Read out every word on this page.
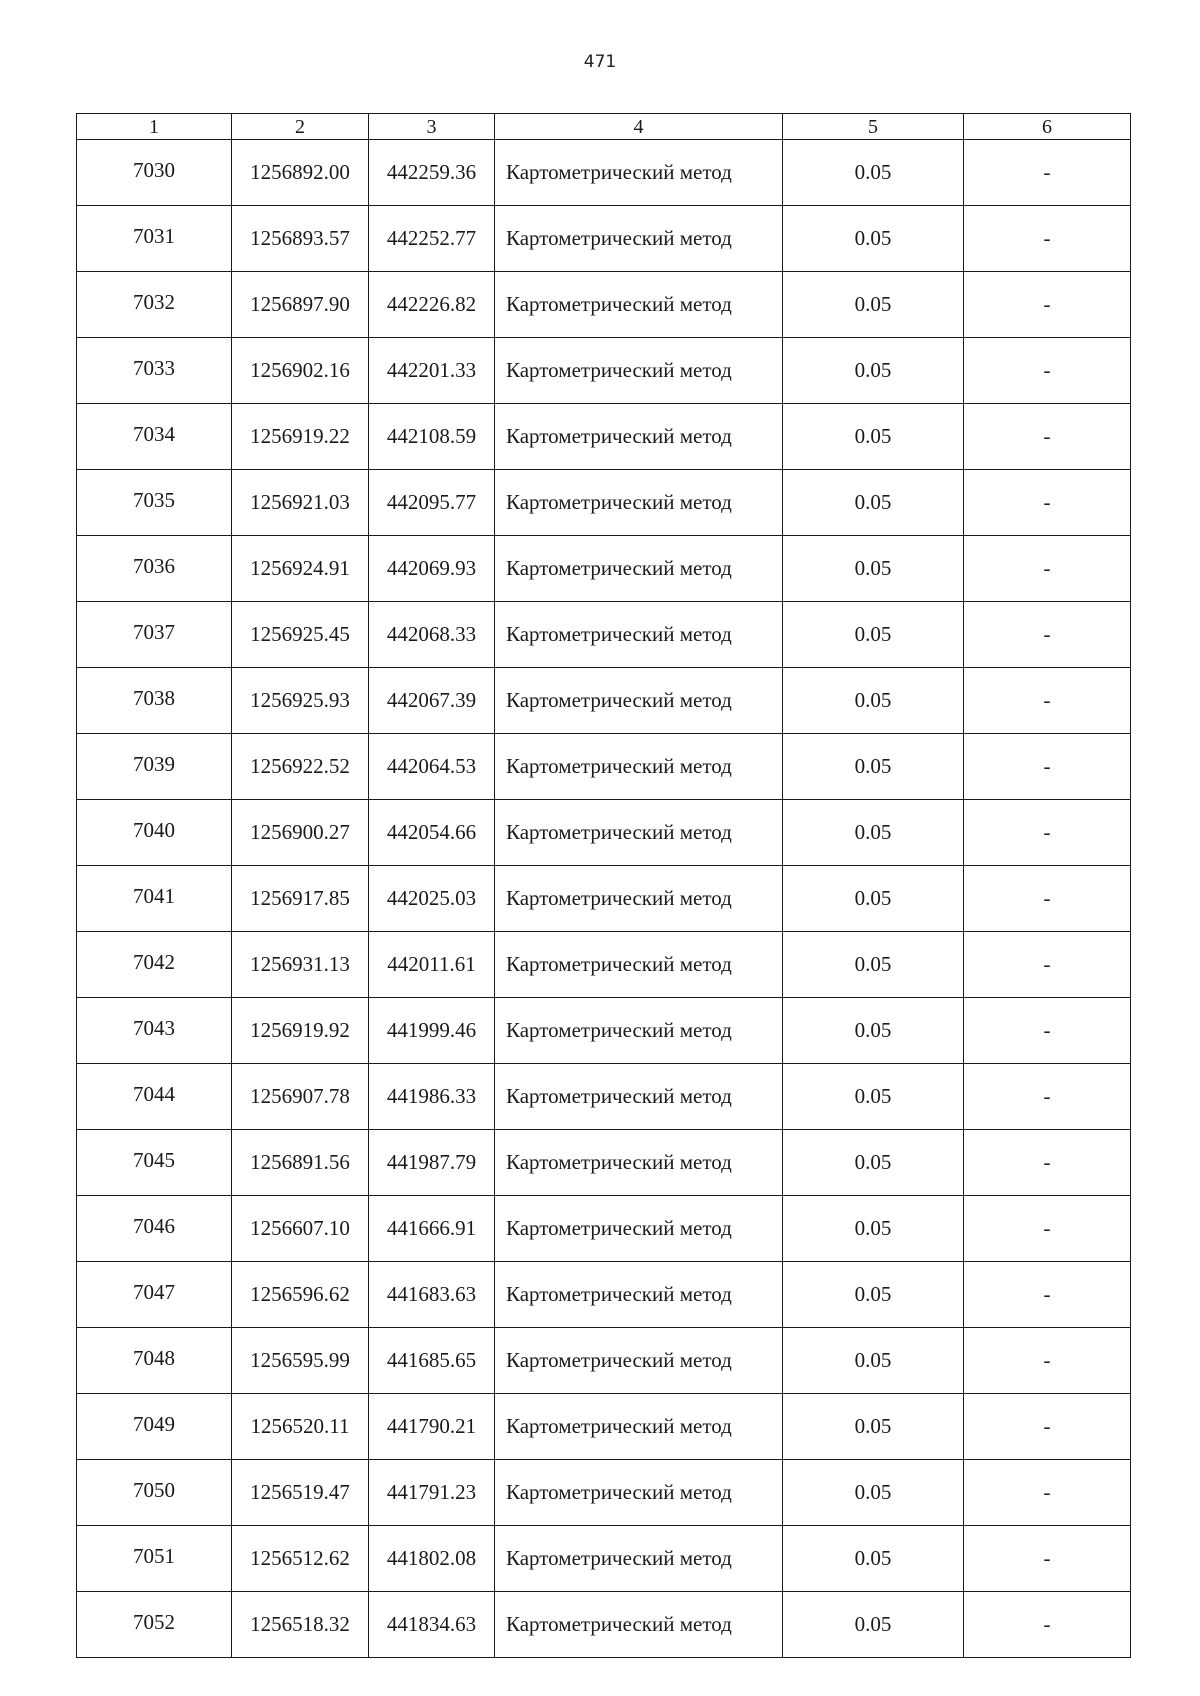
471
1	2	3	4	5	6
7030	1256892.00	442259.36	Картометрический метод	0.05	-
7031	1256893.57	442252.77	Картометрический метод	0.05	-
7032	1256897.90	442226.82	Картометрический метод	0.05	-
7033	1256902.16	442201.33	Картометрический метод	0.05	-
7034	1256919.22	442108.59	Картометрический метод	0.05	-
7035	1256921.03	442095.77	Картометрический метод	0.05	-
7036	1256924.91	442069.93	Картометрический метод	0.05	-
7037	1256925.45	442068.33	Картометрический метод	0.05	-
7038	1256925.93	442067.39	Картометрический метод	0.05	-
7039	1256922.52	442064.53	Картометрический метод	0.05	-
7040	1256900.27	442054.66	Картометрический метод	0.05	-
7041	1256917.85	442025.03	Картометрический метод	0.05	-
7042	1256931.13	442011.61	Картометрический метод	0.05	-
7043	1256919.92	441999.46	Картометрический метод	0.05	-
7044	1256907.78	441986.33	Картометрический метод	0.05	-
7045	1256891.56	441987.79	Картометрический метод	0.05	-
7046	1256607.10	441666.91	Картометрический метод	0.05	-
7047	1256596.62	441683.63	Картометрический метод	0.05	-
7048	1256595.99	441685.65	Картометрический метод	0.05	-
7049	1256520.11	441790.21	Картометрический метод	0.05	-
7050	1256519.47	441791.23	Картометрический метод	0.05	-
7051	1256512.62	441802.08	Картометрический метод	0.05	-
7052	1256518.32	441834.63	Картометрический метод	0.05	-
